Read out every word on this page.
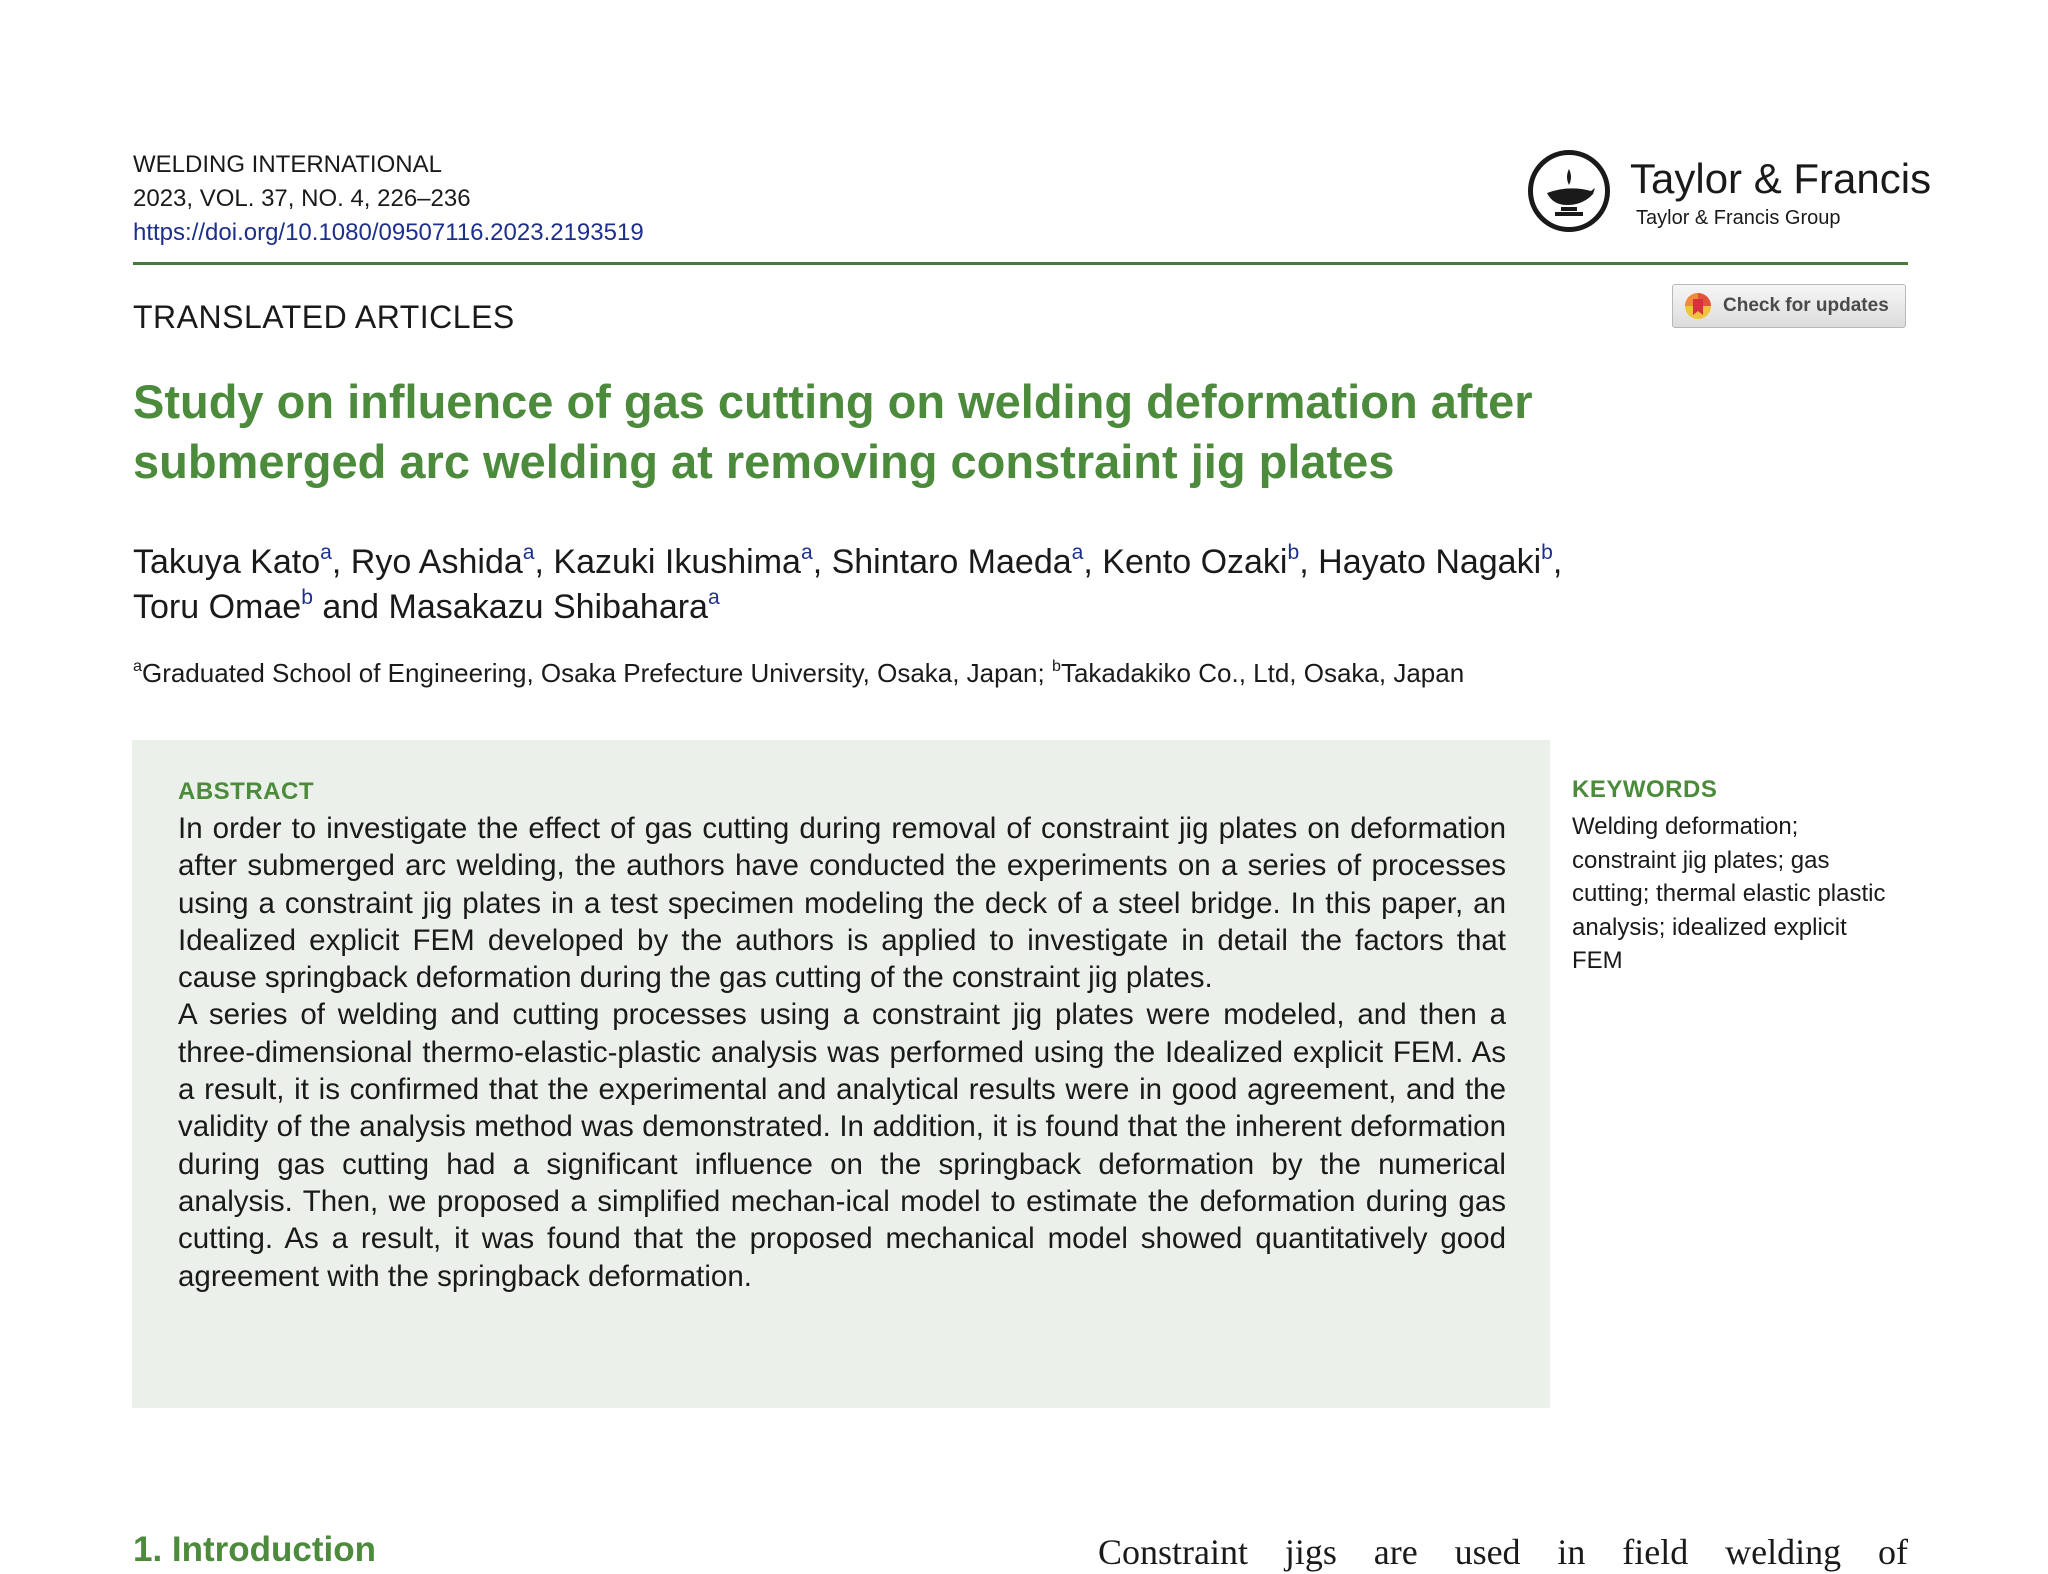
WELDING INTERNATIONAL
2023, VOL. 37, NO. 4, 226–236
https://doi.org/10.1080/09507116.2023.2193519
Taylor & Francis
Taylor & Francis Group
TRANSLATED ARTICLES	Check for updates
Study on influence of gas cutting on welding deformation after submerged arc welding at removing constraint jig plates
Takuya Kato$^a$, Ryo Ashida$^a$, Kazuki Ikushima$^a$, Shintaro Maeda$^a$, Kento Ozaki$^b$, Hayato Nagaki$^b$,
Toru Omae$^b$ and Masakazu Shibahara$^a$
$^a$Graduated School of Engineering, Osaka Prefecture University, Osaka, Japan; $^b$Takadakiko Co., Ltd, Osaka, Japan
ABSTRACT

In order to investigate the effect of gas cutting during removal of constraint jig plates on deformation after submerged arc welding, the authors have conducted the experiments on a series of processes using a constraint jig plates in a test specimen modeling the deck of a steel bridge. In this paper, an Idealized explicit FEM developed by the authors is applied to investigate in detail the factors that cause springback deformation during the gas cutting of the constraint jig plates.

A series of welding and cutting processes using a constraint jig plates were modeled, and then a three-dimensional thermo-elastic-plastic analysis was performed using the Idealized explicit FEM. As a result, it is confirmed that the experimental and analytical results were in good agreement, and the validity of the analysis method was demonstrated. In addition, it is found that the inherent deformation during gas cutting had a significant influence on the springback deformation by the numerical analysis. Then, we proposed a simplified mechan-ical model to estimate the deformation during gas cutting. As a result, it was found that the proposed mechanical model showed quantitatively good agreement with the springback deformation.

KEYWORDS
Welding deformation; constraint jig plates; gas cutting; thermal elastic plastic analysis; idealized explicit FEM
1. Introduction	Constraint jigs are used in field welding of
